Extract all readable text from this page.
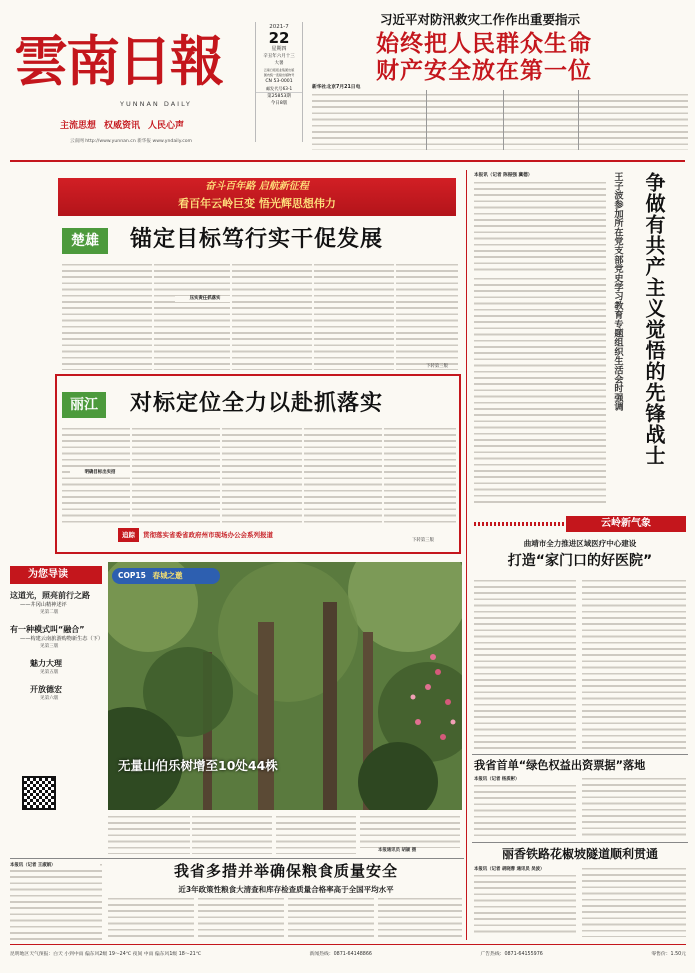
雲南日報
YUNNAN DAILY
主流思想 权威资讯 人民心声
云南网 http://www.yunnan.cn 新华报 www.yndaily.com
2021-7
22
星期四
辛丑年六月十三
大暑
云南日报报业集团出版
国内统一连续出版物号
CN 53-0001
邮发代号63-1
第25853期
今日8版
习近平对防汛救灾工作作出重要指示
始终把人民群众生命
财产安全放在第一位
新华社北京7月21日电
奋斗百年路 启航新征程
看百年云岭巨变 悟光辉思想伟力
楚雄	锚定目标笃行实干促发展
压实责任抓落实
下转第三版
丽江	对标定位全力以赴抓落实
明确目标出实招
下转第三版
追踪	贯彻落实省委省政府州市现场办公会系列报道
本报讯（记者 陈振强 冀德）	争做有共产主义觉悟的先锋战士
王子波参加所在党支部党史学习教育专题组织生活会时强调
云岭新气象
曲靖市全力推进区域医疗中心建设
打造“家门口的好医院”
我省首单“绿色权益出资票据”落地
本报讯（记者 杨质彬）
丽香铁路花椒坡隧道顺利贯通
本报讯（记者 胡晓蓉 通讯员 吴波）
为您导读
这道光，照亮前行之路
——井冈山精神述评
见第二版
有一种模式叫“融合”
——构建云南旅游购物新生态（下）
见第三版
魅力大理
见第五版
开放德宏
见第六版
COP15 春城之邀
无量山伯乐树增至10处44株
本报通讯员 胡颖 摄
本报讯（记者 王淑娟）	我省多措并举确保粮食质量安全
近3年政策性粮食大清查和库存检查质量合格率高于全国平均水平
昆明地区天气预报：白天 小到中雨 偏东风2级 19～24℃ 夜间 中雨 偏东风1级 18～21℃	新闻热线：0871-64148866	广告热线：0871-64155976	零售价：1.50元
